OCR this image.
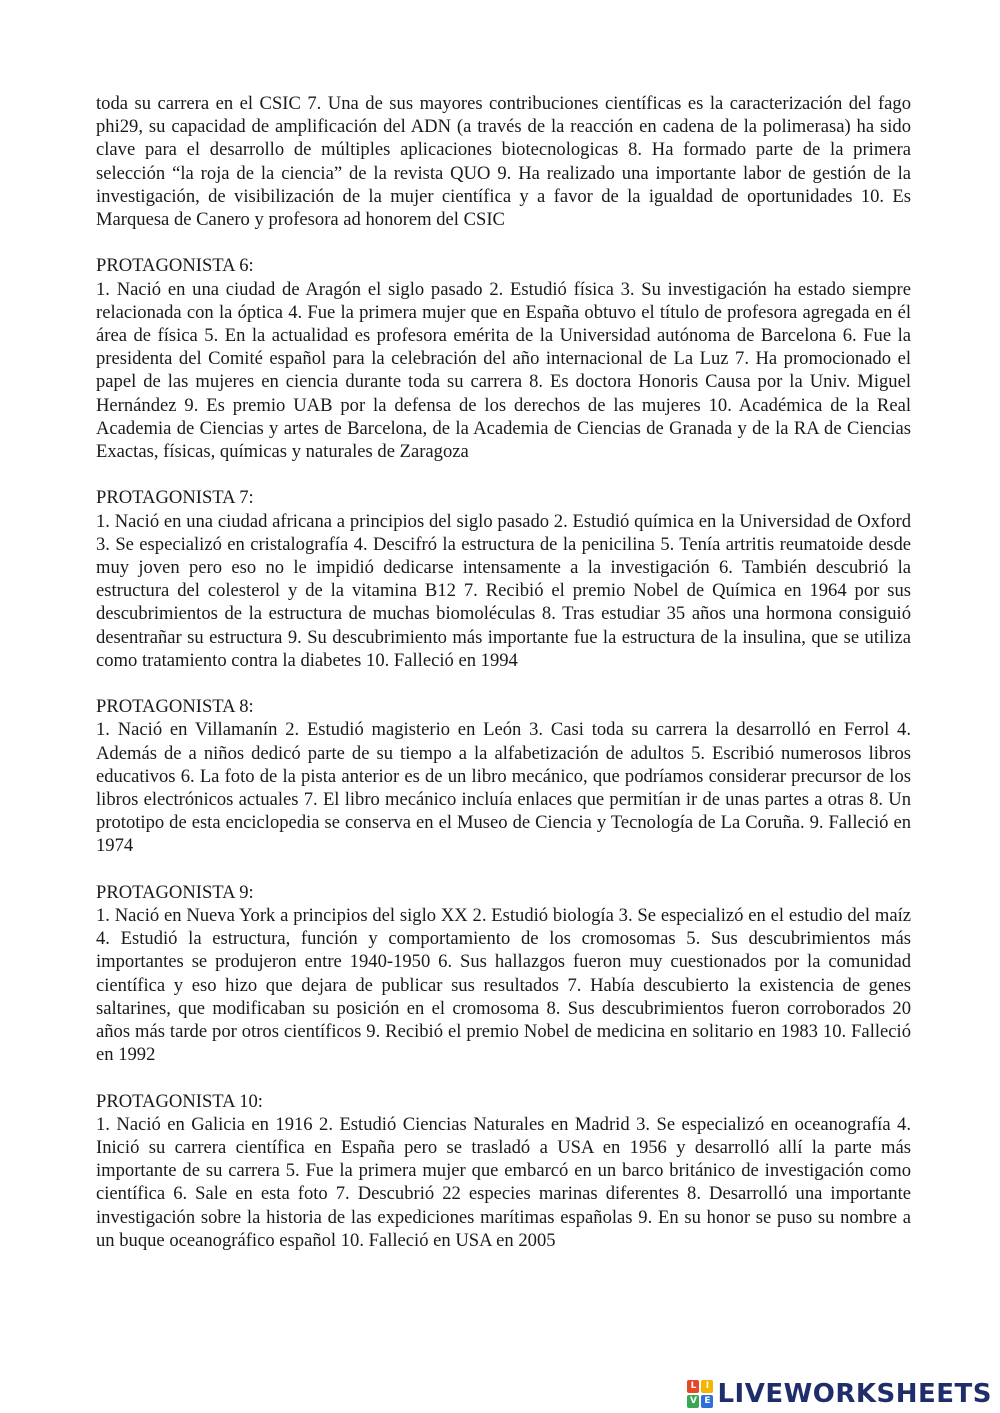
toda su carrera en el CSIC 7. Una de sus mayores contribuciones científicas es la caracterización del fago phi29, su capacidad de amplificación del ADN (a través de la reacción en cadena de la polimerasa) ha sido clave para el desarrollo de múltiples aplicaciones biotecnologicas 8. Ha formado parte de la primera selección “la roja de la ciencia” de la revista QUO 9. Ha realizado una importante labor de gestión de la investigación, de visibilización de la mujer científica y a favor de la igualdad de oportunidades 10. Es Marquesa de Canero y profesora ad honorem del CSIC

PROTAGONISTA 6:
1. Nació en una ciudad de Aragón el siglo pasado 2. Estudió física 3. Su investigación ha estado siempre relacionada con la óptica 4. Fue la primera mujer que en España obtuvo el título de profesora agregada en él área de física 5. En la actualidad es profesora emérita de la Universidad autónoma de Barcelona 6. Fue la presidenta del Comité español para la celebración del año internacional de La Luz 7. Ha promocionado el papel de las mujeres en ciencia durante toda su carrera 8. Es doctora Honoris Causa por la Univ. Miguel Hernández 9. Es premio UAB por la defensa de los derechos de las mujeres 10. Académica de la Real Academia de Ciencias y artes de Barcelona, de la Academia de Ciencias de Granada y de la RA de Ciencias Exactas, físicas, químicas y naturales de Zaragoza

PROTAGONISTA 7:
1. Nació en una ciudad africana a principios del siglo pasado 2. Estudió química en la Universidad de Oxford 3. Se especializó en cristalografía 4. Descifró la estructura de la penicilina 5. Tenía artritis reumatoide desde muy joven pero eso no le impidió dedicarse intensamente a la investigación 6. También descubrió la estructura del colesterol y de la vitamina B12 7. Recibió el premio Nobel de Química en 1964 por sus descubrimientos de la estructura de muchas biomoléculas 8. Tras estudiar 35 años una hormona consiguió desentrañar su estructura 9. Su descubrimiento más importante fue la estructura de la insulina, que se utiliza como tratamiento contra la diabetes 10. Falleció en 1994

PROTAGONISTA 8:
1. Nació en Villamanín 2. Estudió magisterio en León 3. Casi toda su carrera la desarrolló en Ferrol 4. Además de a niños dedicó parte de su tiempo a la alfabetización de adultos 5. Escribió numerosos libros educativos 6. La foto de la pista anterior es de un libro mecánico, que podríamos considerar precursor de los libros electrónicos actuales 7. El libro mecánico incluía enlaces que permitían ir de unas partes a otras 8. Un prototipo de esta enciclopedia se conserva en el Museo de Ciencia y Tecnología de La Coruña. 9. Falleció en 1974

PROTAGONISTA 9:
1. Nació en Nueva York a principios del siglo XX 2. Estudió biología 3. Se especializó en el estudio del maíz 4. Estudió la estructura, función y comportamiento de los cromosomas 5. Sus descubrimientos más importantes se produjeron entre 1940-1950 6. Sus hallazgos fueron muy cuestionados por la comunidad científica y eso hizo que dejara de publicar sus resultados 7. Había descubierto la existencia de genes saltarines, que modificaban su posición en el cromosoma 8. Sus descubrimientos fueron corroborados 20 años más tarde por otros científicos 9. Recibió el premio Nobel de medicina en solitario en 1983 10. Falleció en 1992

PROTAGONISTA 10:
1. Nació en Galicia en 1916 2. Estudió Ciencias Naturales en Madrid 3. Se especializó en oceanografía 4. Inició su carrera científica en España pero se trasladó a USA en 1956 y desarrolló allí la parte más importante de su carrera 5. Fue la primera mujer que embarcó en un barco británico de investigación como científica 6. Sale en esta foto 7. Descubrió 22 especies marinas diferentes 8. Desarrolló una importante investigación sobre la historia de las expediciones marítimas españolas 9. En su honor se puso su nombre a un buque oceanográfico español 10. Falleció en USA en 2005

L	I
V E LIVEWORKSHEETS
